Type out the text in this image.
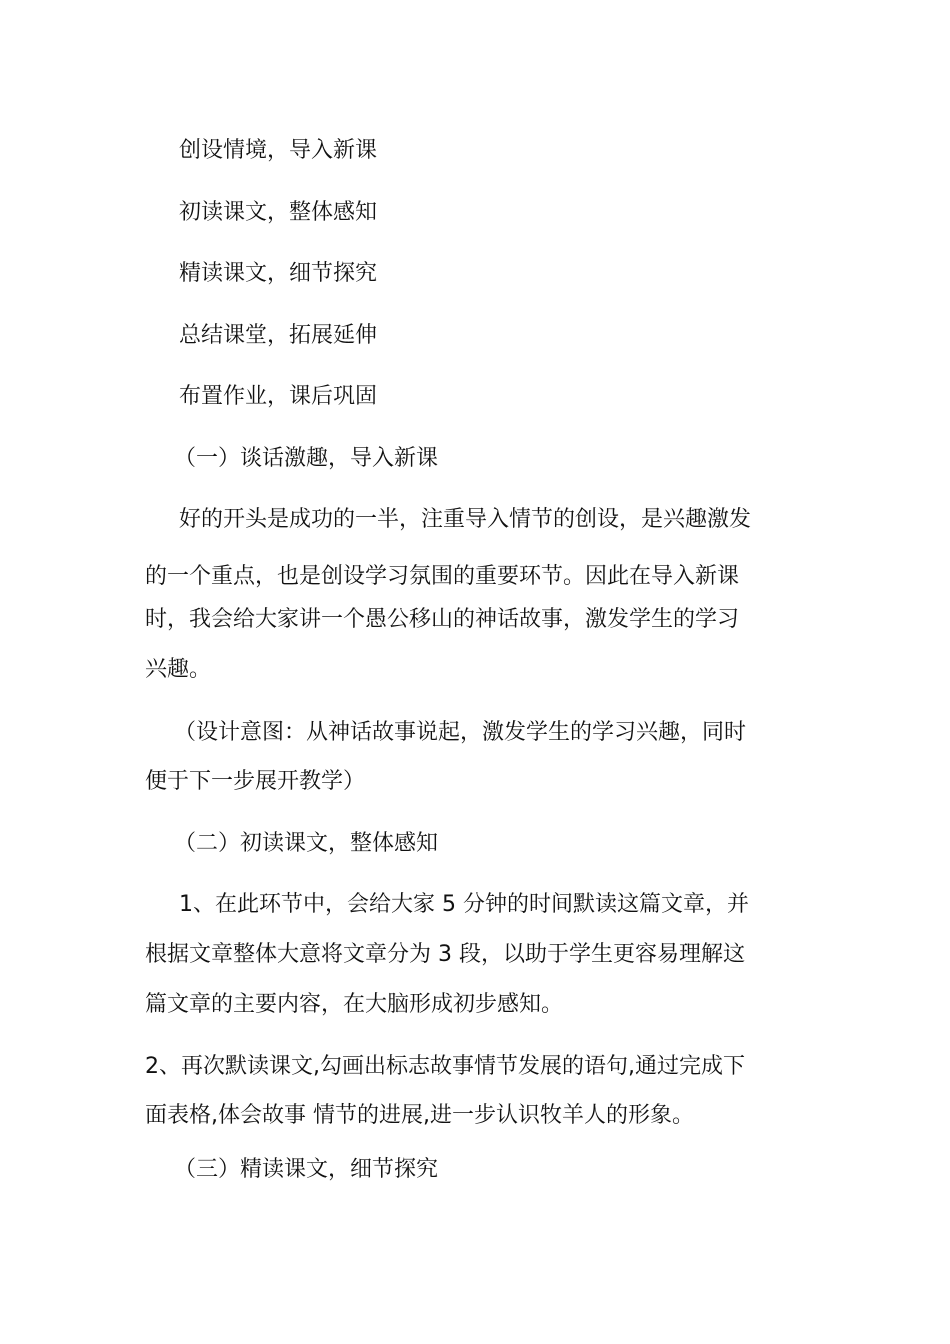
创设情境，导入新课

初读课文，整体感知

精读课文，细节探究

总结课堂，拓展延伸

布置作业，课后巩固

（一）谈话激趣，导入新课

好的开头是成功的一半，注重导入情节的创设，是兴趣激发

的一个重点，也是创设学习氛围的重要环节。因此在导入新课

时，我会给大家讲一个愚公移山的神话故事，激发学生的学习

兴趣。

（设计意图：从神话故事说起，激发学生的学习兴趣，同时

便于下一步展开教学）

（二）初读课文，整体感知

1、在此环节中，会给大家 5 分钟的时间默读这篇文章，并

根据文章整体大意将文章分为 3 段，以助于学生更容易理解这

篇文章的主要内容，在大脑形成初步感知。

2、再次默读课文,勾画出标志故事情节发展的语句,通过完成下

面表格,体会故事 情节的进展,进一步认识牧羊人的形象。

（三）精读课文，细节探究
